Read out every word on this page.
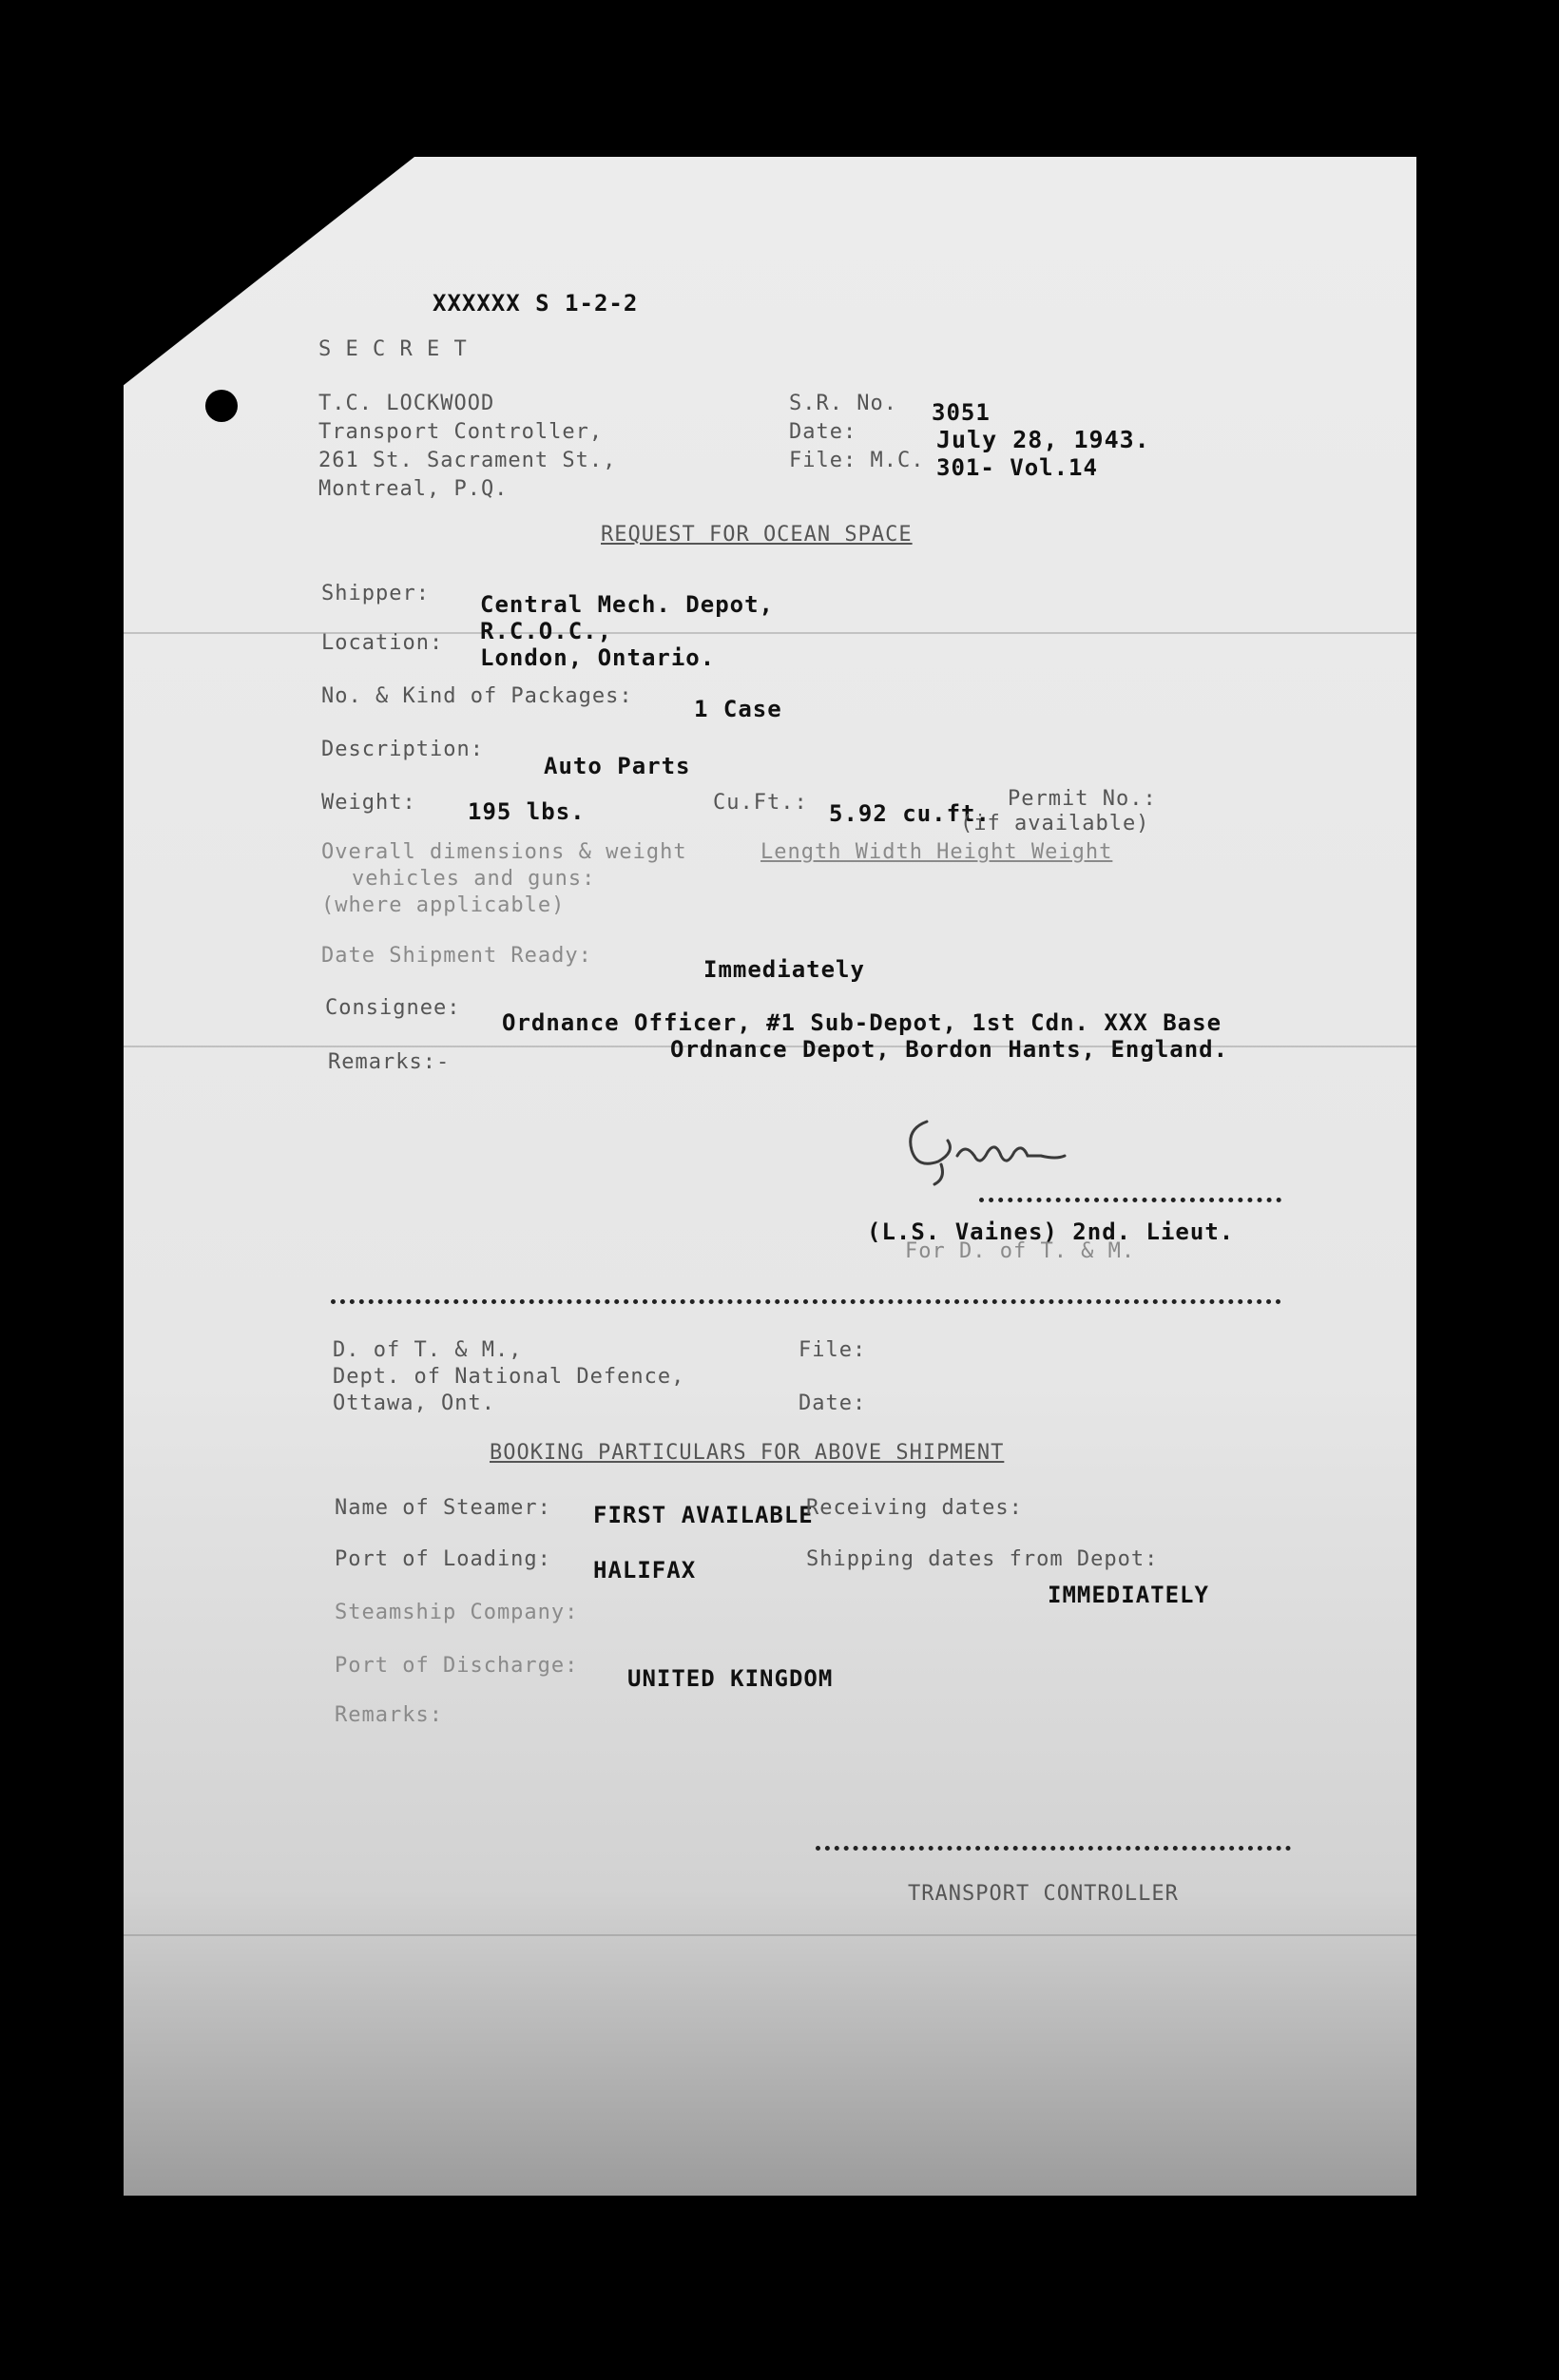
XXXXXX S 1-2-2
S E C R E T
T.C. LOCKWOOD
Transport Controller,
261 St. Sacrament St.,
Montreal, P.Q.
S.R. No. 3051
Date:	July 28, 1943.
File: M.C. 301- Vol.14
REQUEST FOR OCEAN SPACE
Shipper: Central Mech. Depot,
Location: R.C.O.C.,
London, Ontario.
No. & Kind of Packages:	1 Case
Description:
Auto Parts
Weight: 195 lbs.	Cu.Ft.: 5.92 cu.ft.
Permit No.:
(if available)
Overall dimensions & weight	Length Width Height Weight
vehicles and guns:
(where applicable)
Date Shipment Ready:
Immediately
Consignee:
Ordnance Officer, #1 Sub-Depot, 1st Cdn. XXX Base
Ordnance Depot, Bordon Hants, England.
Remarks:-
(L.S. Vaines) 2nd. Lieut.
For D. of T. & M.
D. of T. & M.,
Dept. of National Defence,
Ottawa, Ont.
File:
Date:
BOOKING PARTICULARS FOR ABOVE SHIPMENT
Name of Steamer: FIRST AVAILABLE
Receiving dates:
Port of Loading: HALIFAX	Shipping dates from Depot:
IMMEDIATELY
Steamship Company:
Port of Discharge: UNITED KINGDOM
Remarks:
TRANSPORT CONTROLLER
